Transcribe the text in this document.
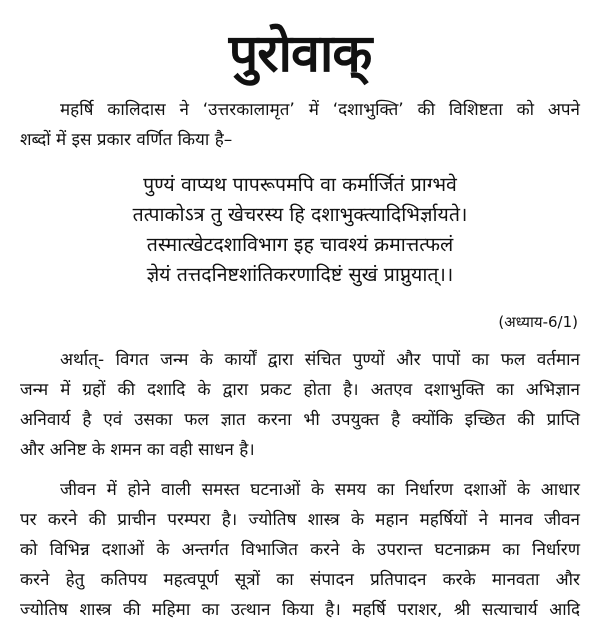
पुरोवाक्

महर्षि कालिदास ने ‘उत्तरकालामृत’ में ‘दशाभुक्ति’ की विशिष्टता को अपने
शब्दों में इस प्रकार वर्णित किया है–

पुण्यं वाप्यथ पापरूपमपि वा कर्मार्जितं प्राग्भवे
तत्पाकोऽत्र तु खेचरस्य हि दशाभुक्त्यादिभिर्ज्ञायते।
तस्मात्खेटदशाविभाग इह चावश्यं क्रमात्तत्फलं
ज्ञेयं तत्तदनिष्टशांतिकरणादिष्टं सुखं प्राप्नुयात्।।
(अध्याय-6/1)

अर्थात्- विगत जन्म के कार्यों द्वारा संचित पुण्यों और पापों का फल वर्तमान
जन्म में ग्रहों की दशादि के द्वारा प्रकट होता है। अतएव दशाभुक्ति का अभिज्ञान
अनिवार्य है एवं उसका फल ज्ञात करना भी उपयुक्त है क्योंकि इच्छित की प्राप्ति
और अनिष्ट के शमन का वही साधन है।

जीवन में होने वाली समस्त घटनाओं के समय का निर्धारण दशाओं के आधार
पर करने की प्राचीन परम्परा है। ज्योतिष शास्त्र के महान महर्षियों ने मानव जीवन
को विभिन्न दशाओं के अन्तर्गत विभाजित करने के उपरान्त घटनाक्रम का निर्धारण
करने हेतु कतिपय महत्वपूर्ण सूत्रों का संपादन प्रतिपादन करके मानवता और
ज्योतिष शास्त्र की महिमा का उत्थान किया है। महर्षि पराशर, श्री सत्याचार्य आदि
